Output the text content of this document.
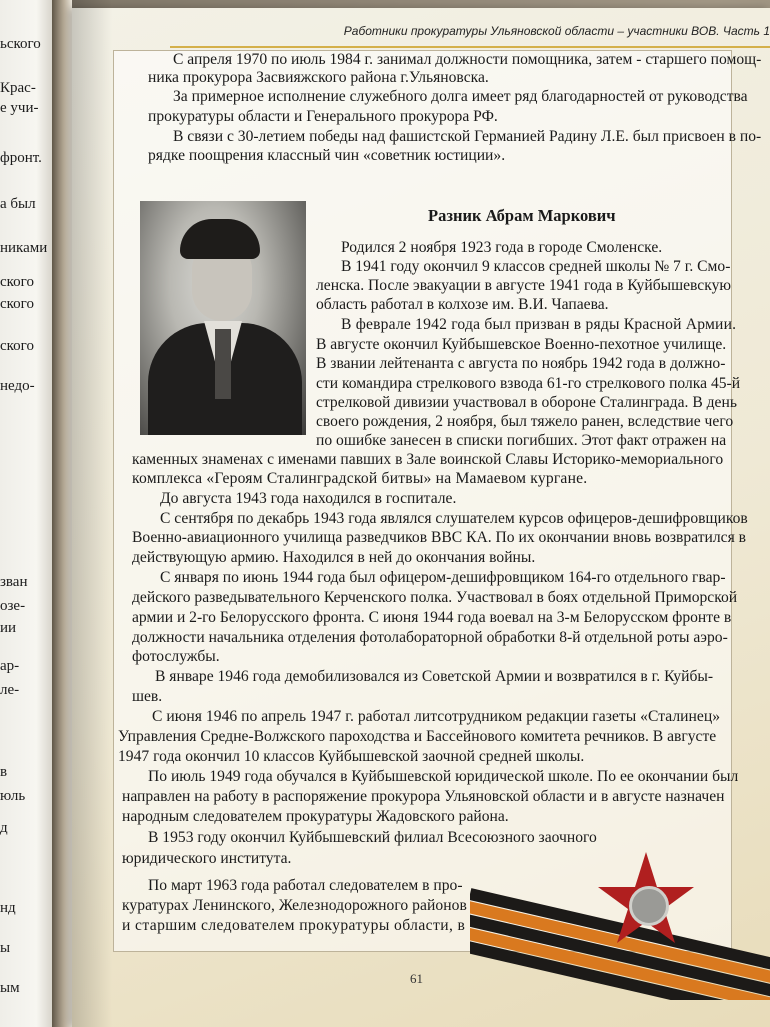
ьского
Крас-
е учи-
фронт.
а был
никами
ского
ского
ского
недо-
зван
озе-
ии
ар-
ле-
в
юль
д
нд
ы
ым
Работники прокуратуры Ульяновской области – участники ВОВ. Часть 1
С апреля 1970 по июль 1984 г. занимал должности помощника, затем - старшего помощ-
ника прокурора Засвияжского района г.Ульяновска.
За примерное исполнение служебного долга имеет ряд благодарностей от руководства
прокуратуры области и Генерального прокурора РФ.
В связи с 30-летием победы над фашистской Германией Радину Л.Е. был присвоен в по-
рядке поощрения классный чин «советник юстиции».
Разник Абрам Маркович
Родился 2 ноября 1923 года в городе Смоленске.
В 1941 году окончил 9 классов средней школы № 7 г. Смо-
ленска. После эвакуации в августе 1941 года в Куйбышевскую
область работал в колхозе им. В.И. Чапаева.
В феврале 1942 года был призван в ряды Красной Армии.
В августе окончил Куйбышевское Военно-пехотное училище.
В звании лейтенанта с августа по ноябрь 1942 года в должно-
сти командира стрелкового взвода 61-го стрелкового полка 45-й
стрелковой дивизии участвовал в обороне Сталинграда. В день
своего рождения, 2 ноября, был тяжело ранен, вследствие чего
по ошибке занесен в списки погибших. Этот факт отражен на
каменных знаменах с именами павших в Зале воинской Славы Историко-мемориального
комплекса «Героям Сталинградской битвы» на Мамаевом кургане.
До августа 1943 года находился в госпитале.
С сентября по декабрь 1943 года являлся слушателем курсов офицеров-дешифровщиков
Военно-авиационного училища разведчиков ВВС КА. По их окончании вновь возвратился в
действующую армию. Находился в ней до окончания войны.
С января по июнь 1944 года был офицером-дешифровщиком 164-го отдельного гвар-
дейского разведывательного Керченского полка. Участвовал в боях отдельной Приморской
армии и 2-го Белорусского фронта. С июня 1944 года воевал на 3-м Белорусском фронте в
должности начальника отделения фотолабораторной обработки 8-й отдельной роты аэро-
фотослужбы.
В январе 1946 года демобилизовался из Советской Армии и возвратился в г. Куйбы-
шев.
С июня 1946 по апрель 1947 г. работал литсотрудником редакции газеты «Сталинец»
Управления Средне-Волжского пароходства и Бассейнового комитета речников. В августе
1947 года окончил 10 классов Куйбышевской заочной средней школы.
По июль 1949 года обучался в Куйбышевской юридической школе. По ее окончании был
направлен на работу в распоряжение прокурора Ульяновской области и в августе назначен
народным следователем прокуратуры Жадовского района.
В 1953 году окончил Куйбышевский филиал Всесоюзного заочного
юридического института.
По март 1963 года работал следователем в про-
куратурах Ленинского, Железнодорожного районов
и старшим следователем прокуратуры области, в
61
